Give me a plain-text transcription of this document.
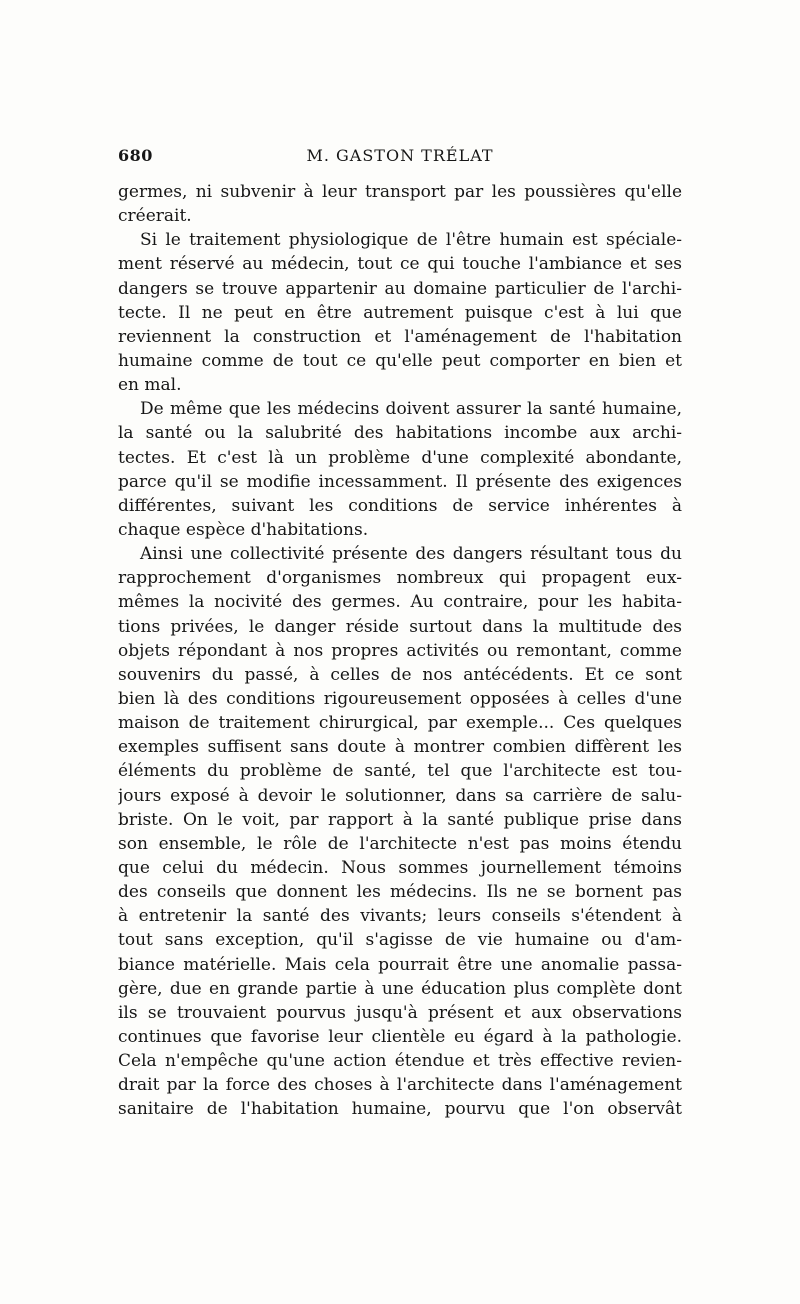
680	M. GASTON TRÉLAT
germes, ni subvenir à leur transport par les poussières qu'elle
créerait.
Si le traitement physiologique de l'être humain est spéciale-
ment réservé au médecin, tout ce qui touche l'ambiance et ses
dangers se trouve appartenir au domaine particulier de l'archi-
tecte. Il ne peut en être autrement puisque c'est à lui que
reviennent la construction et l'aménagement de l'habitation
humaine comme de tout ce qu'elle peut comporter en bien et
en mal.
De même que les médecins doivent assurer la santé humaine,
la santé ou la salubrité des habitations incombe aux archi-
tectes. Et c'est là un problème d'une complexité abondante,
parce qu'il se modifie incessamment. Il présente des exigences
différentes, suivant les conditions de service inhérentes à
chaque espèce d'habitations.
Ainsi une collectivité présente des dangers résultant tous du
rapprochement d'organismes nombreux qui propagent eux-
mêmes la nocivité des germes. Au contraire, pour les habita-
tions privées, le danger réside surtout dans la multitude des
objets répondant à nos propres activités ou remontant, comme
souvenirs du passé, à celles de nos antécédents. Et ce sont
bien là des conditions rigoureusement opposées à celles d'une
maison de traitement chirurgical, par exemple... Ces quelques
exemples suffisent sans doute à montrer combien diffèrent les
éléments du problème de santé, tel que l'architecte est tou-
jours exposé à devoir le solutionner, dans sa carrière de salu-
briste. On le voit, par rapport à la santé publique prise dans
son ensemble, le rôle de l'architecte n'est pas moins étendu
que celui du médecin. Nous sommes journellement témoins
des conseils que donnent les médecins. Ils ne se bornent pas
à entretenir la santé des vivants; leurs conseils s'étendent à
tout sans exception, qu'il s'agisse de vie humaine ou d'am-
biance matérielle. Mais cela pourrait être une anomalie passa-
gère, due en grande partie à une éducation plus complète dont
ils se trouvaient pourvus jusqu'à présent et aux observations
continues que favorise leur clientèle eu égard à la pathologie.
Cela n'empêche qu'une action étendue et très effective revien-
drait par la force des choses à l'architecte dans l'aménagement
sanitaire de l'habitation humaine, pourvu que l'on observât
